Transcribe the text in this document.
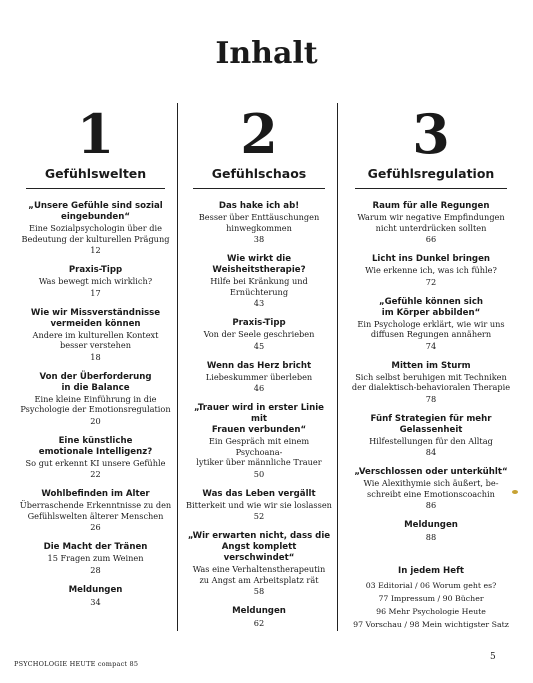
Inhalt
1
Gefühlswelten
„Unsere Gefühle sind sozial
eingebunden“
Eine Sozialpsychologin über die
Bedeutung der kulturellen Prägung
12
Praxis-Tipp
Was bewegt mich wirklich?
17
Wie wir Missverständnisse
vermeiden können
Andere im kulturellen Kontext
besser verstehen
18
Von der Überforderung
in die Balance
Eine kleine Einführung in die
Psychologie der Emotionsregulation
20
Eine künstliche
emotionale Intelligenz?
So gut erkennt KI unsere Gefühle
22
Wohlbefinden im Alter
Überraschende Erkenntnisse zu den
Gefühlswelten älterer Menschen
26
Die Macht der Tränen
15 Fragen zum Weinen
28
Meldungen
34
2
Gefühlschaos
Das hake ich ab!
Besser über Enttäuschungen
hinwegkommen
38
Wie wirkt die Weisheitstherapie?
Hilfe bei Kränkung und
Ernüchterung
43
Praxis-Tipp
Von der Seele geschrieben
45
Wenn das Herz bricht
Liebeskummer überleben
46
„Trauer wird in erster Linie mit
Frauen verbunden“
Ein Gespräch mit einem Psychoana-
lytiker über männliche Trauer
50
Was das Leben vergällt
Bitterkeit und wie wir sie loslassen
52
„Wir erwarten nicht, dass die
Angst komplett verschwindet“
Was eine Verhaltenstherapeutin
zu Angst am Arbeitsplatz rät
58
Meldungen
62
3
Gefühlsregulation
Raum für alle Regungen
Warum wir negative Empfindungen
nicht unterdrücken sollten
66
Licht ins Dunkel bringen
Wie erkenne ich, was ich fühle?
72
„Gefühle können sich
im Körper abbilden“
Ein Psychologe erklärt, wie wir uns
diffusen Regungen annähern
74
Mitten im Sturm
Sich selbst beruhigen mit Techniken
der dialektisch-behavioralen Therapie
78
Fünf Strategien für mehr
Gelassenheit
Hilfestellungen für den Alltag
84
„Verschlossen oder unterkühlt“
Wie Alexithymie sich äußert, be-
schreibt eine Emotionscoachin
86
Meldungen
88
In jedem Heft
03 Editorial / 06 Worum geht es?
77 Impressum / 90 Bücher
96 Mehr Psychologie Heute
97 Vorschau / 98 Mein wichtigster Satz
PSYCHOLOGIE HEUTE compact 85
5
